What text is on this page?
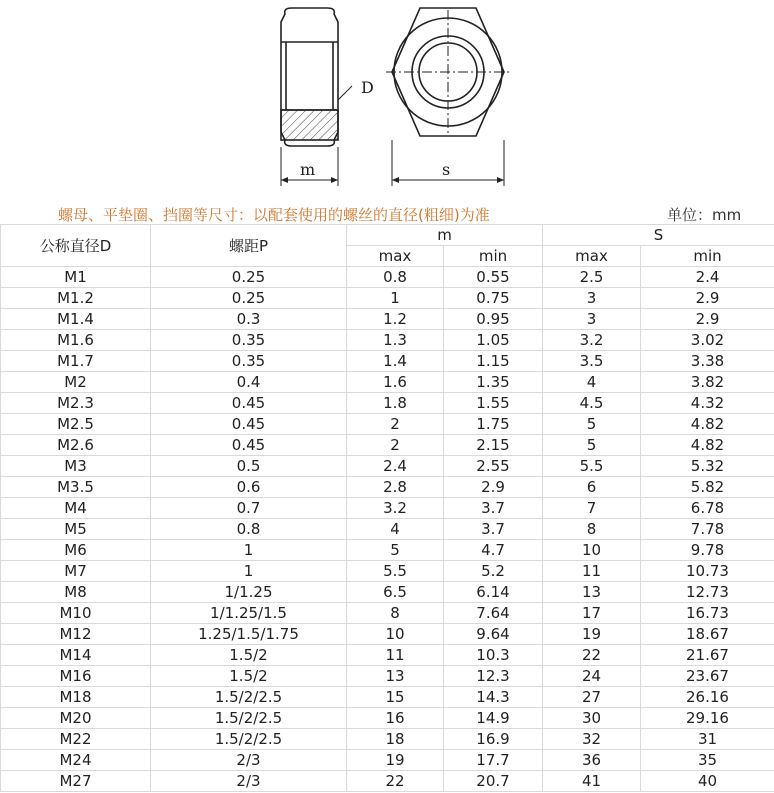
D
m	s
螺母、平垫圈、挡圈等尺寸：以配套使用的螺丝的直径(粗细)为准	单位：mm
公称直径D	螺距P	m		S	
		max	min	max	min
M1	0.25	0.8	0.55	2.5	2.4
M1.2	0.25	1	0.75	3	2.9
M1.4	0.3	1.2	0.95	3	2.9
M1.6	0.35	1.3	1.05	3.2	3.02
M1.7	0.35	1.4	1.15	3.5	3.38
M2	0.4	1.6	1.35	4	3.82
M2.3	0.45	1.8	1.55	4.5	4.32
M2.5	0.45	2	1.75	5	4.82
M2.6	0.45	2	2.15	5	4.82
M3	0.5	2.4	2.55	5.5	5.32
M3.5	0.6	2.8	2.9	6	5.82
M4	0.7	3.2	3.7	7	6.78
M5	0.8	4	3.7	8	7.78
M6	1	5	4.7	10	9.78
M7	1	5.5	5.2	11	10.73
M8	1/1.25	6.5	6.14	13	12.73
M10	1/1.25/1.5	8	7.64	17	16.73
M12	1.25/1.5/1.75	10	9.64	19	18.67
M14	1.5/2	11	10.3	22	21.67
M16	1.5/2	13	12.3	24	23.67
M18	1.5/2/2.5	15	14.3	27	26.16
M20	1.5/2/2.5	16	14.9	30	29.16
M22	1.5/2/2.5	18	16.9	32	31
M24	2/3	19	17.7	36	35
M27	2/3	22	20.7	41	40
